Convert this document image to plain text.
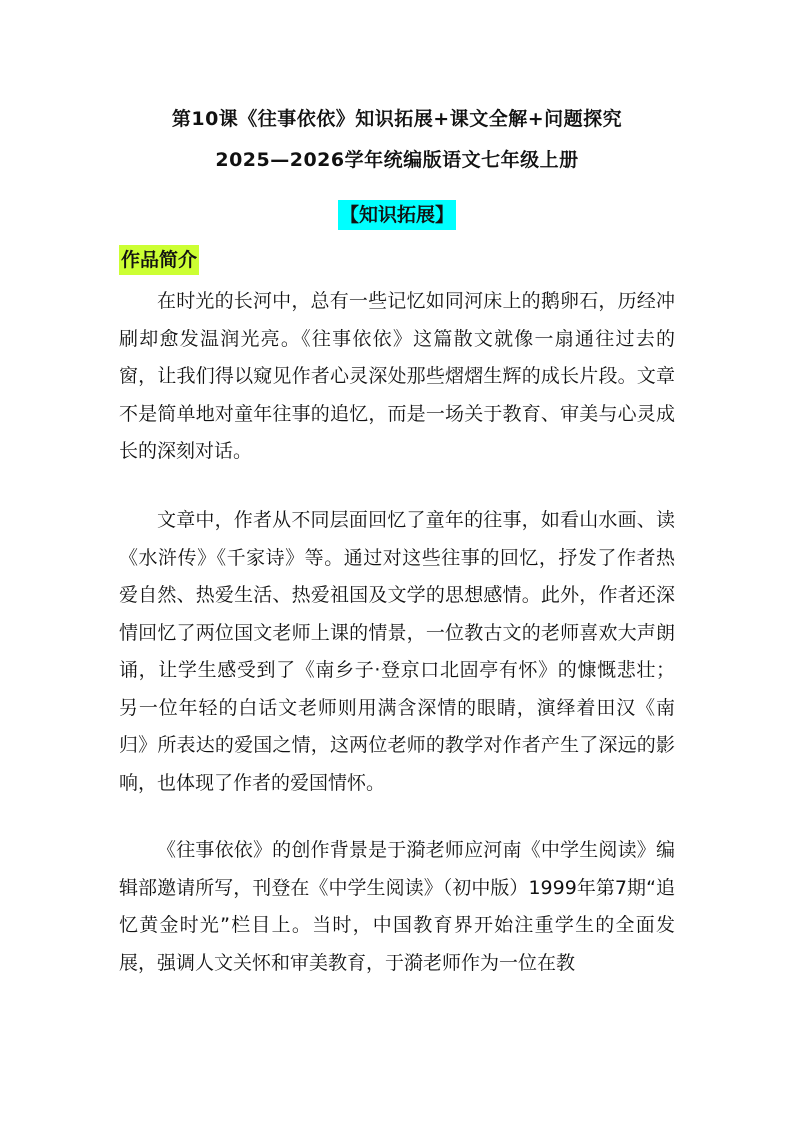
第10课《往事依依》知识拓展+课文全解+问题探究
2025—2026学年统编版语文七年级上册
【知识拓展】
作品简介

在时光的长河中，总有一些记忆如同河床上的鹅卵石，历经冲刷却愈发温润光亮。《往事依依》这篇散文就像一扇通往过去的窗，让我们得以窥见作者心灵深处那些熠熠生辉的成长片段。文章不是简单地对童年往事的追忆，而是一场关于教育、审美与心灵成长的深刻对话。

文章中，作者从不同层面回忆了童年的往事，如看山水画、读《水浒传》《千家诗》等。通过对这些往事的回忆，抒发了作者热爱自然、热爱生活、热爱祖国及文学的思想感情。此外，作者还深情回忆了两位国文老师上课的情景，一位教古文的老师喜欢大声朗诵，让学生感受到了《南乡子·登京口北固亭有怀》的慷慨悲壮；另一位年轻的白话文老师则用满含深情的眼睛，演绎着田汉《南归》所表达的爱国之情，这两位老师的教学对作者产生了深远的影响，也体现了作者的爱国情怀。

《往事依依》的创作背景是于漪老师应河南《中学生阅读》编辑部邀请所写，刊登在《中学生阅读》（初中版）1999年第7期“追忆黄金时光”栏目上。当时，中国教育界开始注重学生的全面发展，强调人文关怀和审美教育，于漪老师作为一位在教
